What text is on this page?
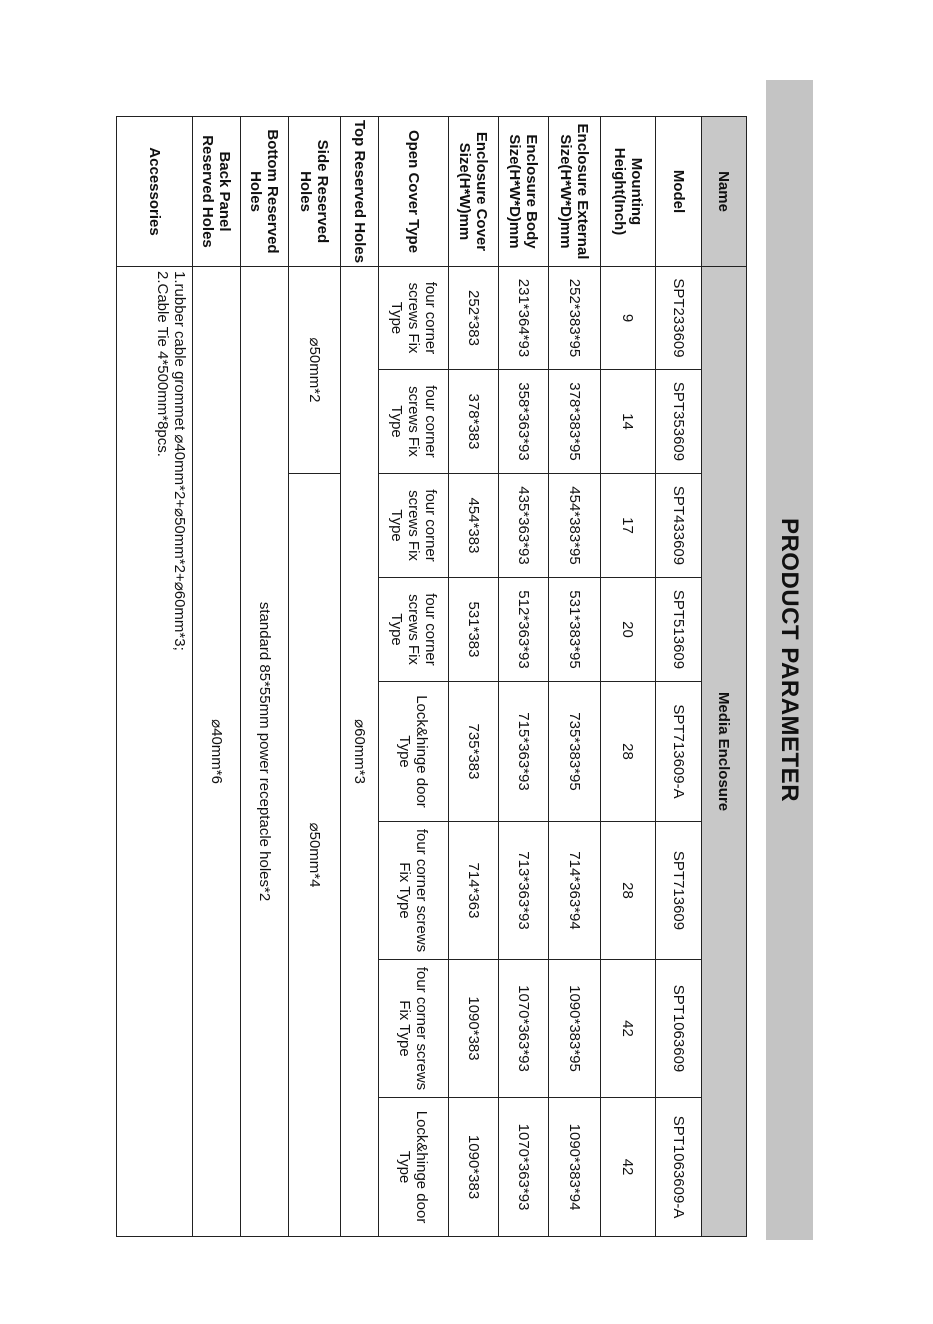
PRODUCT PARAMETER
Name	Media Enclosure							
Model	SPT233609	SPT353609	SPT433609	SPT513609	SPT713609-A	SPT713609	SPT1063609	SPT1063609-A
Mounting Height(Inch)	9	14	17	20	28	28	42	42
Enclosure External Size(H*W*D)mm	252*383*95	378*383*95	454*383*95	531*383*95	735*383*95	714*363*94	1090*383*95	1090*383*94
Enclosure Body Size(H*W*D)mm	231*364*93	358*363*93	435*363*93	512*363*93	715*363*93	713*363*93	1070*363*93	1070*363*93
Enclosure Cover Size(H*W)mm	252*383	378*383	454*383	531*383	735*383	714*363	1090*383	1090*383
Open Cover Type	four corner screws Fix Type	four corner screws Fix Type	four corner screws Fix Type	four corner screws Fix Type	Lock&hinge door Type	four corner screws Fix Type	four corner screws Fix Type	Lock&hinge door Type
Top Reserved Holes	⌀60mm*3							
Side Reserved Holes	⌀50mm*2		⌀50mm*4					
Bottom Reserved Holes	standard 85*55mm power receptacle holes*2							
Back Panel Reserved Holes	⌀40mm*6							
Accessories	1.rubber cable grommet ⌀40mm*2+⌀50mm*2+⌀60mm*3;
2.Cable Tie 4*500mm*8pcs.							
